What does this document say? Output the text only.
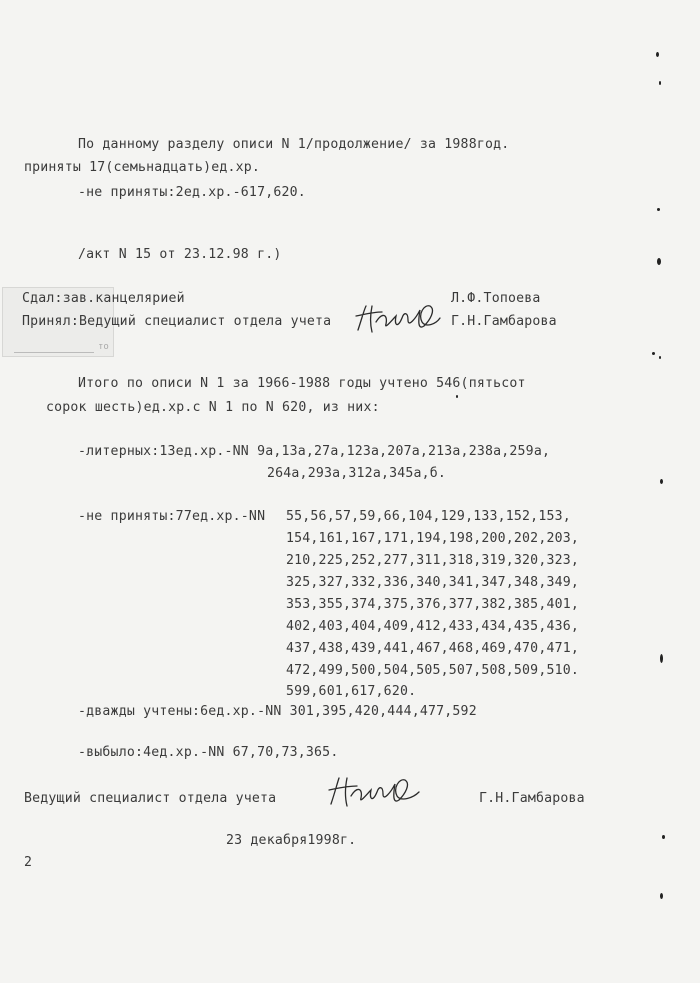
По данному разделу описи N 1/продолжение/ за 1988год.
приняты 17(семьнадцать)ед.хр.
-не приняты:2ед.хр.-617,620.
/акт N 15 от 23.12.98 г.)
то
Сдал:зав.канцелярией	Л.Ф.Топоева
Принял:Ведущий специалист отдела учета	Г.Н.Гамбарова
Итого по описи N 1 за 1966-1988 годы учтено 546(пятьсот
сорок шесть)ед.хр.с N 1 по N 620, из них:
-литерных:13ед.хр.-NN 9а,13а,27а,123а,207а,213а,238а,259а,
264а,293а,312а,345а,б.
-не приняты:77ед.хр.-NN 55,56,57,59,66,104,129,133,152,153,
154,161,167,171,194,198,200,202,203,
210,225,252,277,311,318,319,320,323,
325,327,332,336,340,341,347,348,349,
353,355,374,375,376,377,382,385,401,
402,403,404,409,412,433,434,435,436,
437,438,439,441,467,468,469,470,471,
472,499,500,504,505,507,508,509,510.
599,601,617,620.
-дважды учтены:6ед.хр.-NN 301,395,420,444,477,592
-выбыло:4ед.хр.-NN 67,70,73,365.
Ведущий специалист отдела учета	Г.Н.Гамбарова
23 декабря1998г.
2
